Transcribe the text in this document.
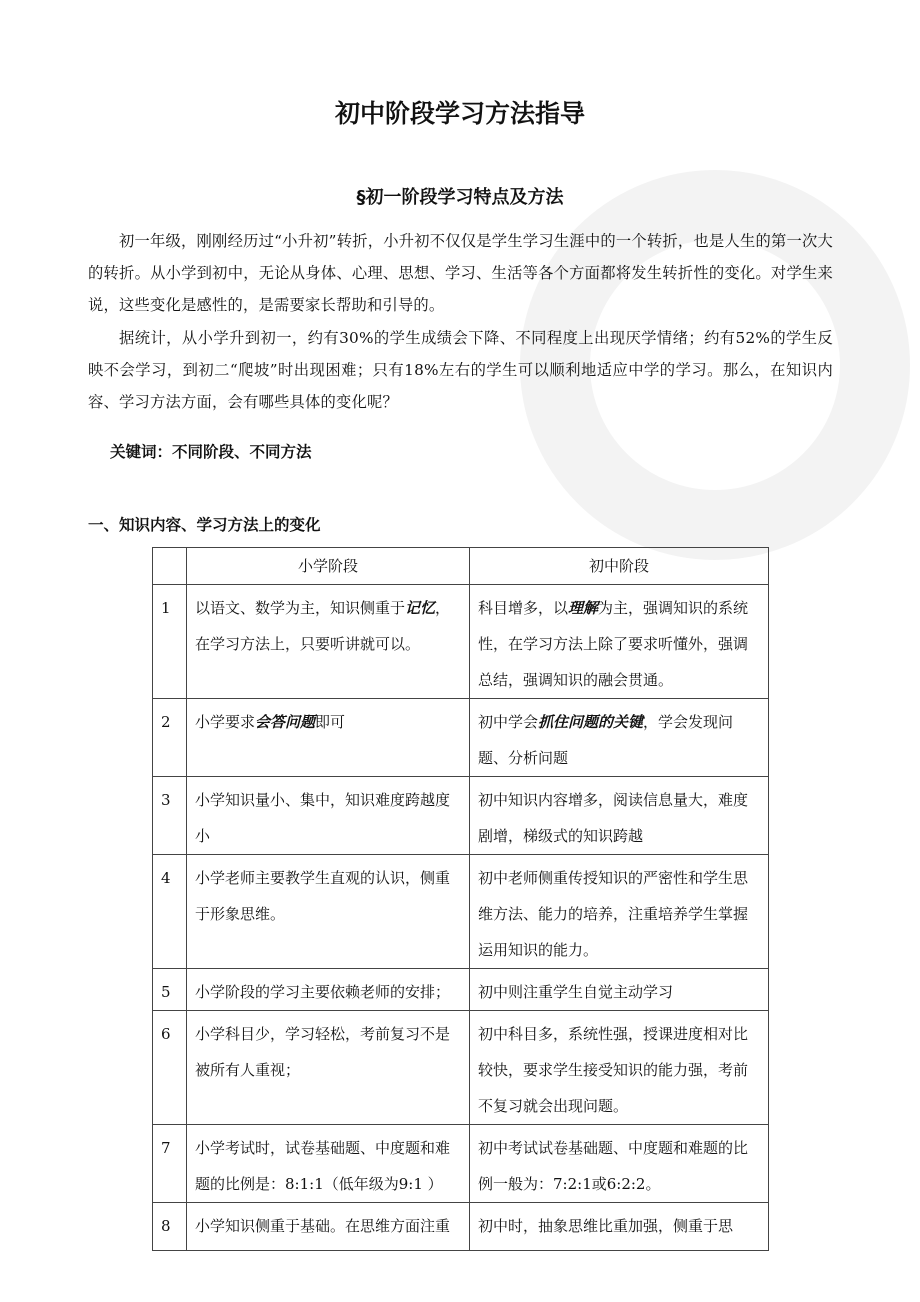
初中阶段学习方法指导
§初一阶段学习特点及方法
初一年级，刚刚经历过“小升初”转折，小升初不仅仅是学生学习生涯中的一个转折，也是人生的第一次大的转折。从小学到初中，无论从身体、心理、思想、学习、生活等各个方面都将发生转折性的变化。对学生来说，这些变化是感性的，是需要家长帮助和引导的。
据统计，从小学升到初一，约有30%的学生成绩会下降、不同程度上出现厌学情绪；约有52%的学生反映不会学习，到初二“爬坡”时出现困难；只有18%左右的学生可以顺利地适应中学的学习。那么，在知识内容、学习方法方面，会有哪些具体的变化呢？
关键词：不同阶段、不同方法
一、知识内容、学习方法上的变化
	小学阶段	初中阶段
1	以语文、数学为主，知识侧重于记忆，在学习方法上，只要听讲就可以。	科目增多，以理解为主，强调知识的系统性，在学习方法上除了要求听懂外，强调总结，强调知识的融会贯通。
2	小学要求会答问题即可	初中学会抓住问题的关键，学会发现问题、分析问题
3	小学知识量小、集中，知识难度跨越度小	初中知识内容增多，阅读信息量大，难度剧增，梯级式的知识跨越
4	小学老师主要教学生直观的认识，侧重于形象思维。	初中老师侧重传授知识的严密性和学生思维方法、能力的培养，注重培养学生掌握运用知识的能力。
5	小学阶段的学习主要依赖老师的安排；	初中则注重学生自觉主动学习
6	小学科目少，学习轻松，考前复习不是被所有人重视；	初中科目多，系统性强，授课进度相对比较快，要求学生接受知识的能力强，考前不复习就会出现问题。
7	小学考试时，试卷基础题、中度题和难题的比例是：8:1:1（低年级为9:1 ）	初中考试试卷基础题、中度题和难题的比例一般为：7:2:1或6:2:2。
8	小学知识侧重于基础。在思维方面注重	初中时，抽象思维比重加强，侧重于思
